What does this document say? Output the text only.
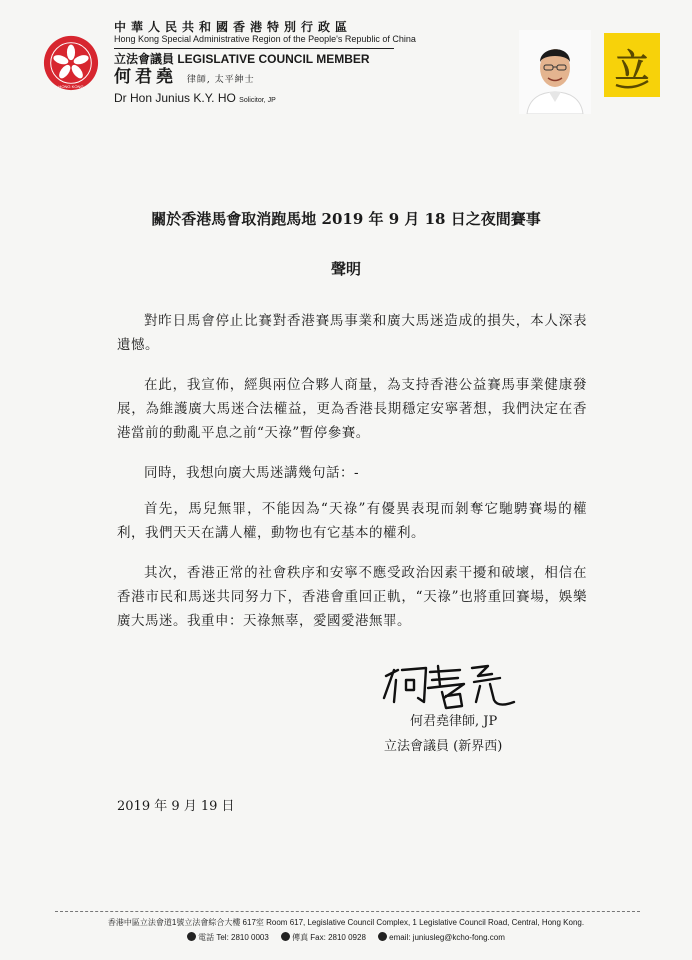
HONG KONG
中華人民共和國香港特別行政區
Hong Kong Special Administrative Region of the People's Republic of China
立法會議員 LEGISLATIVE COUNCIL MEMBER
何君堯 律師, 太平紳士
Dr Hon Junius K.Y. HO Solicitor, JP
立
關於香港馬會取消跑馬地 2019 年 9 月 18 日之夜間賽事
聲明

對昨日馬會停止比賽對香港賽馬事業和廣大馬迷造成的損失，本人深表遺憾。

在此，我宣佈，經與兩位合夥人商量，為支持香港公益賽馬事業健康發展，為維護廣大馬迷合法權益，更為香港長期穩定安寧著想，我們決定在香港當前的動亂平息之前“天祿”暫停參賽。

同時，我想向廣大馬迷講幾句話：-

首先，馬兒無罪，不能因為“天祿”有優異表現而剝奪它馳騁賽場的權利，我們天天在講人權，動物也有它基本的權利。

其次，香港正常的社會秩序和安寧不應受政治因素干擾和破壞，相信在香港市民和馬迷共同努力下，香港會重回正軌，“天祿”也將重回賽場，娛樂廣大馬迷。我重申：天祿無辜，愛國愛港無罪。

何君堯律師, JP
立法會議員 (新界西)
2019 年 9 月 19 日
香港中區立法會道1號立法會綜合大樓 617室 Room 617, Legislative Council Complex, 1 Legislative Council Road, Central, Hong Kong.
電話 Tel: 2810 0003	傳真 Fax: 2810 0928	email: juniusleg@kcho-fong.com
